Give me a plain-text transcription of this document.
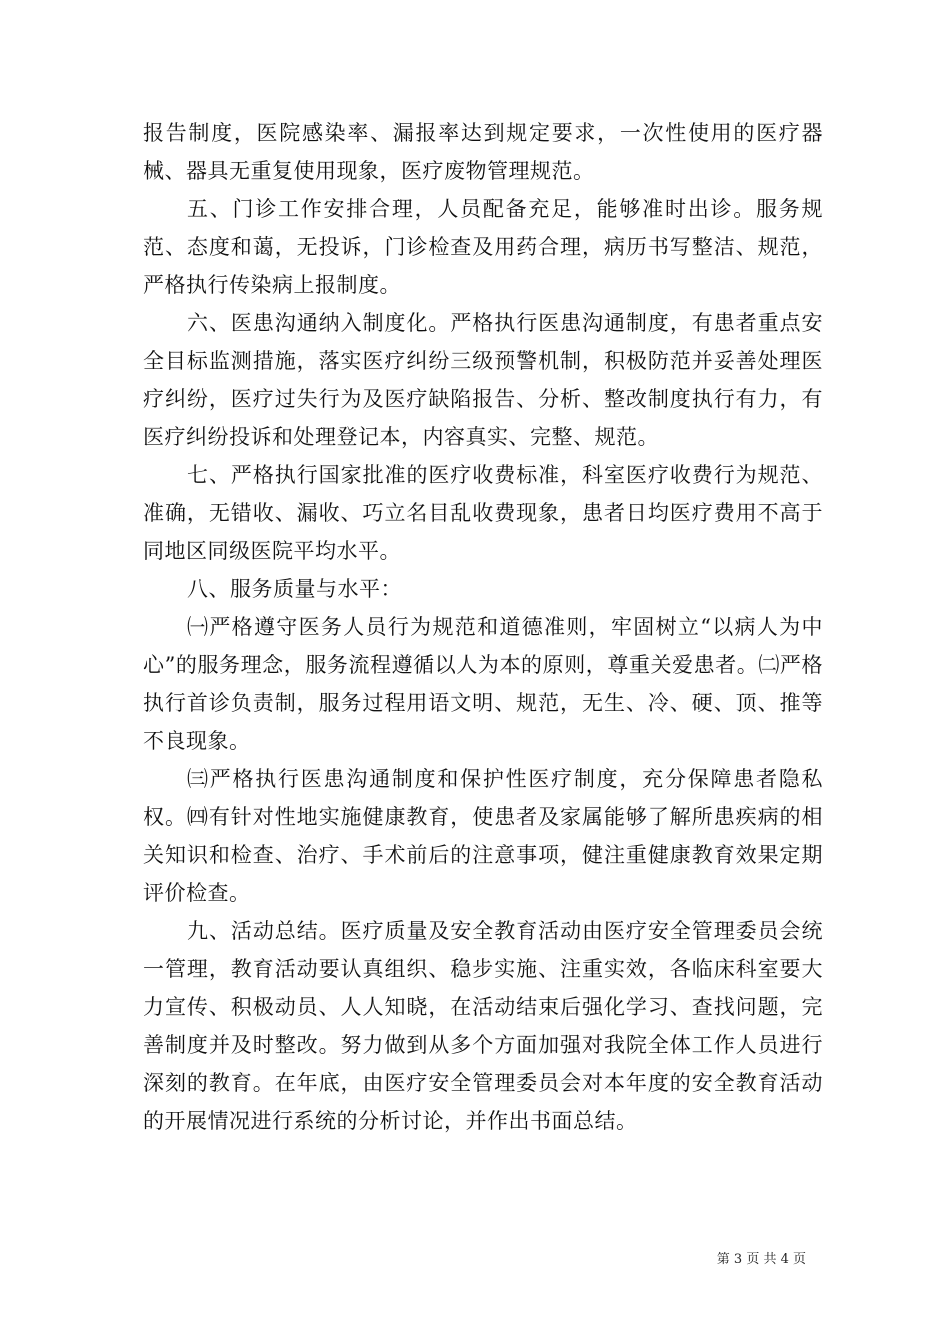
报告制度，医院感染率、漏报率达到规定要求，一次性使用的医疗器械、器具无重复使用现象，医疗废物管理规范。

五、门诊工作安排合理，人员配备充足，能够准时出诊。服务规范、态度和蔼，无投诉，门诊检查及用药合理，病历书写整洁、规范，严格执行传染病上报制度。

六、医患沟通纳入制度化。严格执行医患沟通制度，有患者重点安全目标监测措施，落实医疗纠纷三级预警机制，积极防范并妥善处理医疗纠纷，医疗过失行为及医疗缺陷报告、分析、整改制度执行有力，有医疗纠纷投诉和处理登记本，内容真实、完整、规范。

七、严格执行国家批准的医疗收费标准，科室医疗收费行为规范、准确，无错收、漏收、巧立名目乱收费现象，患者日均医疗费用不高于同地区同级医院平均水平。

八、服务质量与水平：

㈠严格遵守医务人员行为规范和道德准则，牢固树立“以病人为中心”的服务理念，服务流程遵循以人为本的原则，尊重关爱患者。㈡严格执行首诊负责制，服务过程用语文明、规范，无生、冷、硬、顶、推等不良现象。

㈢严格执行医患沟通制度和保护性医疗制度，充分保障患者隐私权。㈣有针对性地实施健康教育，使患者及家属能够了解所患疾病的相关知识和检查、治疗、手术前后的注意事项，健注重健康教育效果定期评价检查。

九、活动总结。医疗质量及安全教育活动由医疗安全管理委员会统一管理，教育活动要认真组织、稳步实施、注重实效，各临床科室要大力宣传、积极动员、人人知晓，在活动结束后强化学习、查找问题，完善制度并及时整改。努力做到从多个方面加强对我院全体工作人员进行深刻的教育。在年底，由医疗安全管理委员会对本年度的安全教育活动的开展情况进行系统的分析讨论，并作出书面总结。

第 3 页 共 4 页
